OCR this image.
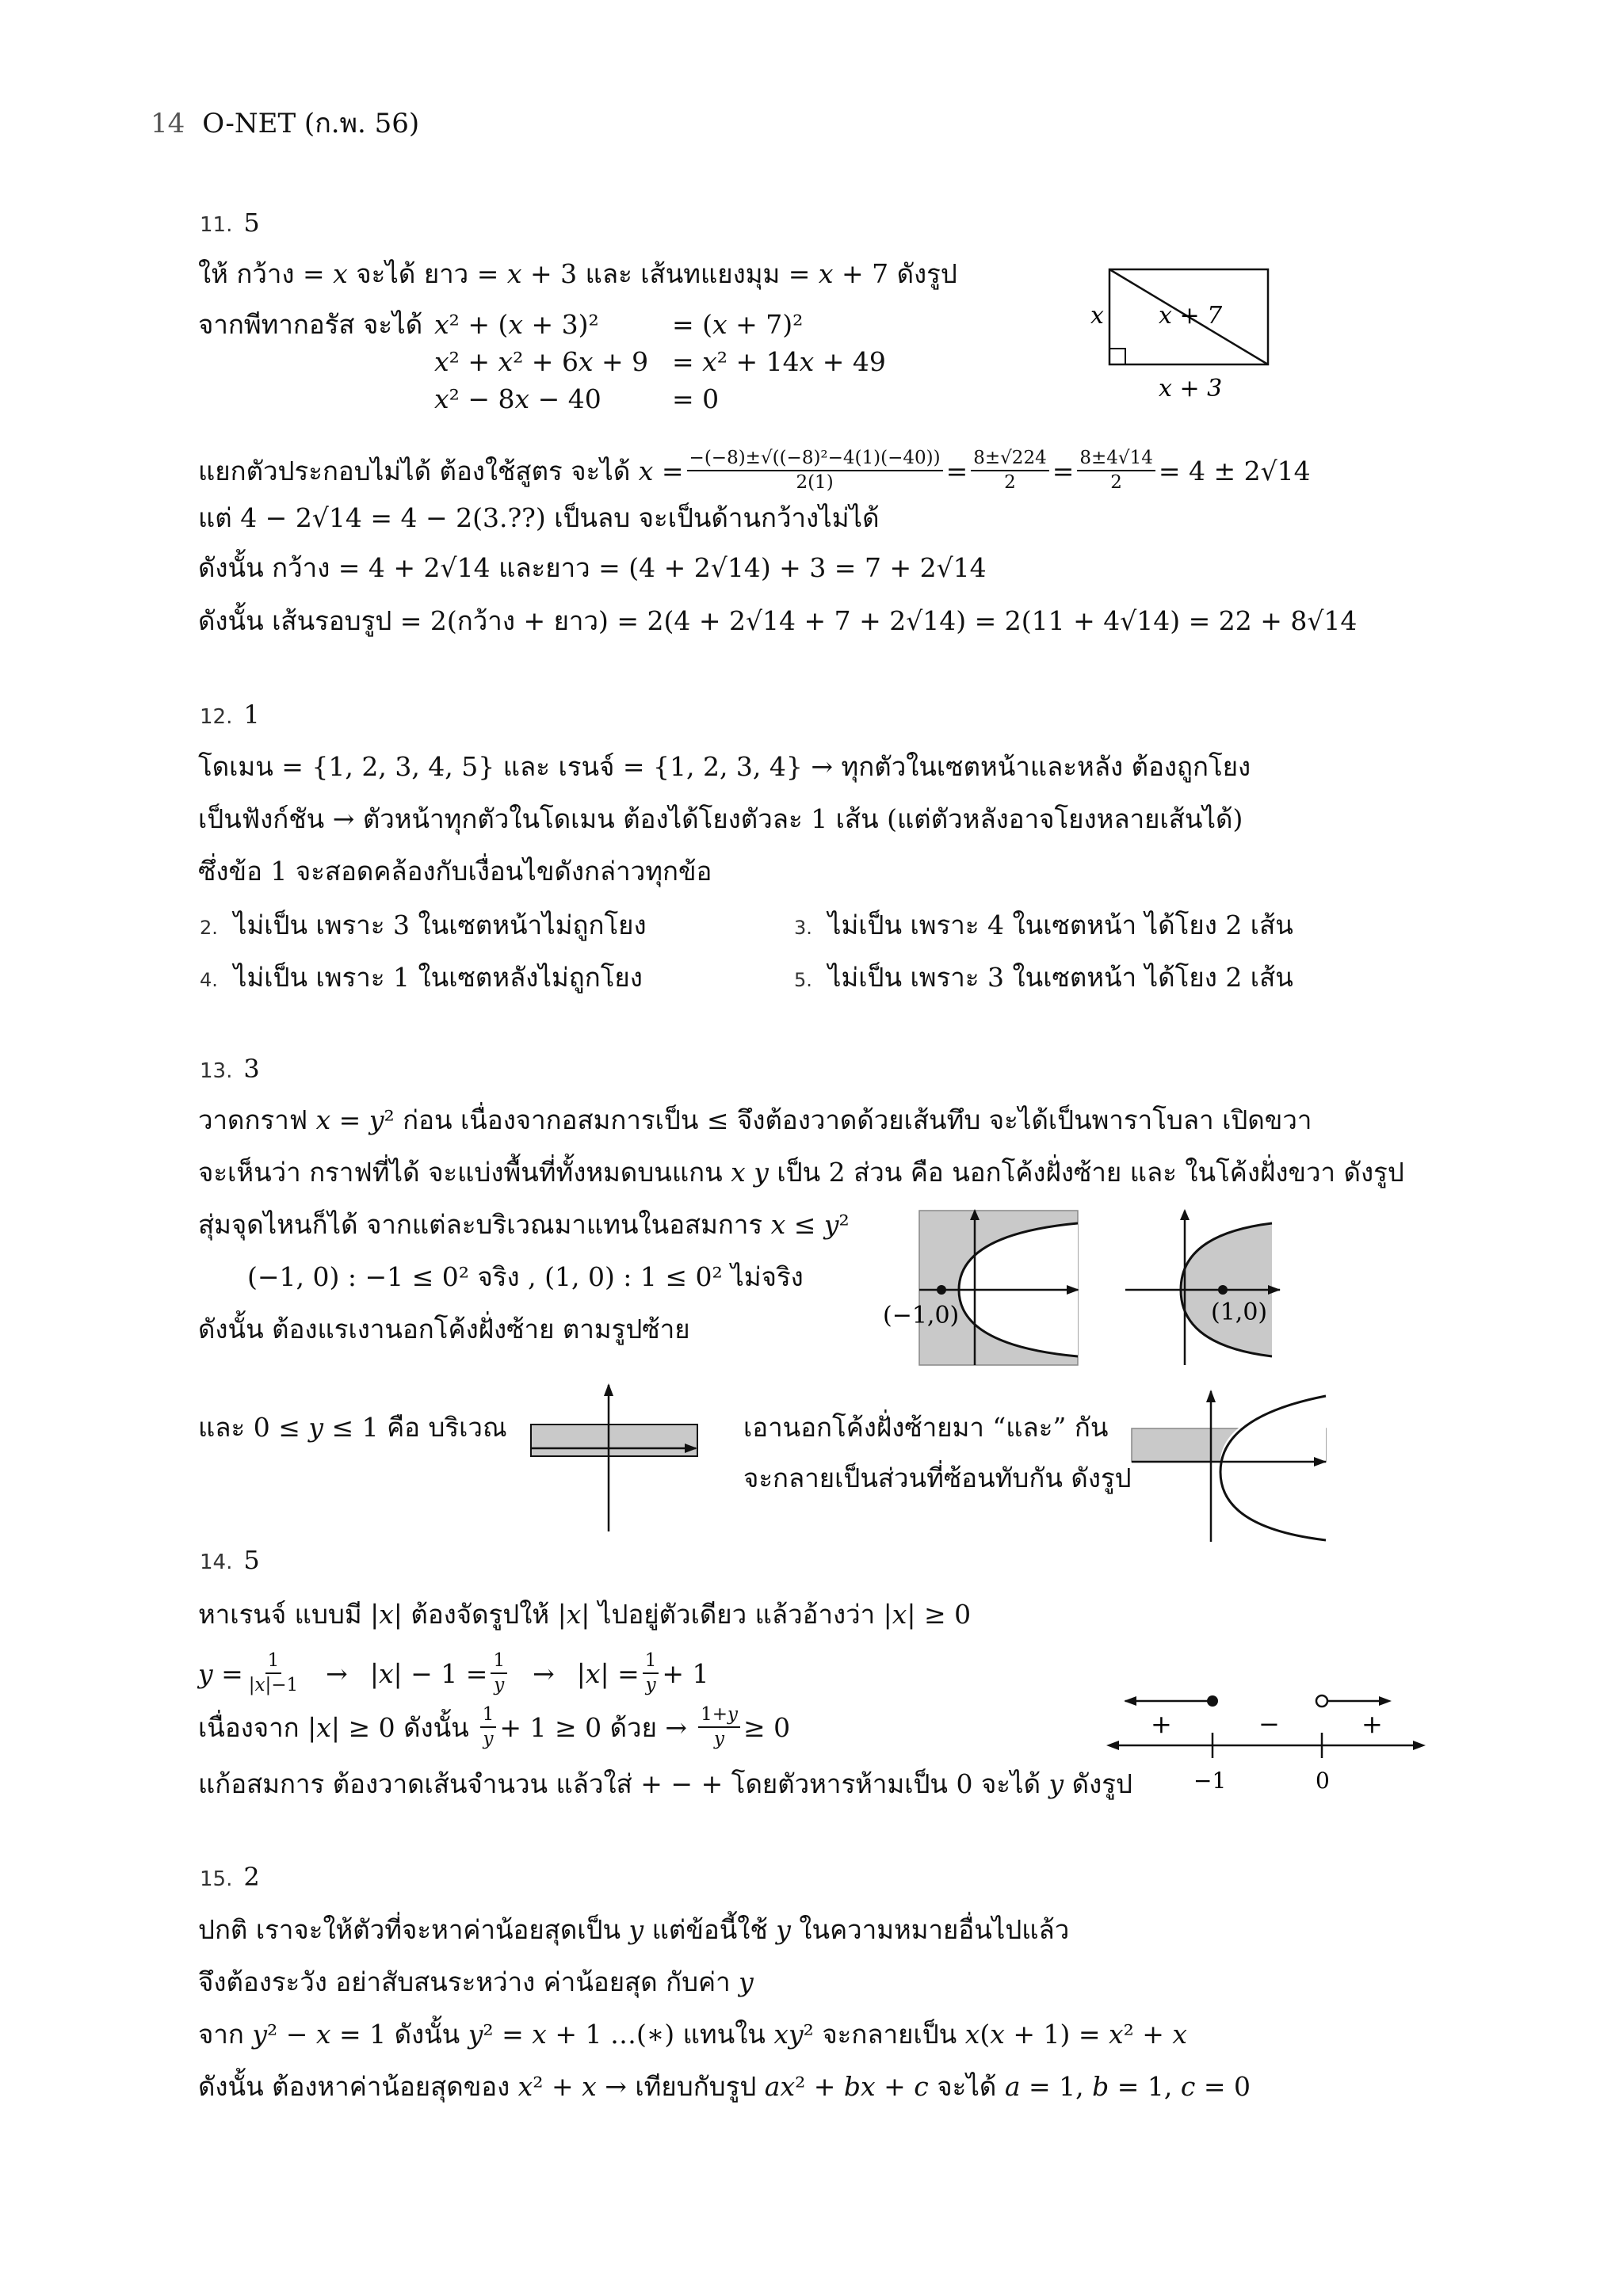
14 O-NET (ก.พ. 56)
11. 5
ให้ กว้าง = 𝑥 จะได้ ยาว = 𝑥 + 3 และ เส้นทแยงมุม = 𝑥 + 7 ดังรูป
จากพีทากอรัส จะได้ 𝑥² + (𝑥 + 3)²	= (𝑥 + 7)²
𝑥² + 𝑥² + 6𝑥 + 9 = 𝑥² + 14𝑥 + 49
𝑥² − 8𝑥 − 40	= 0
𝑥 𝑥 + 7
𝑥 + 3
แยกตัวประกอบไม่ได้ ต้องใช้สูตร จะได้ 𝑥 = $\frac{\text{−(−8)±√((−8)²−4(1)(−40))}}{2(1)} = \frac{8\pm√224}{2} = \frac{8\pm 4√14}{2} = 4 \pm 2√14$
แต่ 4 − 2√14 = 4 − 2(3.??) เป็นลบ จะเป็นด้านกว้างไม่ได้
ดังนั้น กว้าง = 4 + 2√14 และยาว = (4 + 2√14) + 3 = 7 + 2√14
ดังนั้น เส้นรอบรูป = 2(กว้าง + ยาว) = 2(4 + 2√14 + 7 + 2√14) = 2(11 + 4√14) = 22 + 8√14
12. 1
โดเมน = {1, 2, 3, 4, 5} และ เรนจ์ = {1, 2, 3, 4} → ทุกตัวในเซตหน้าและหลัง ต้องถูกโยง
เป็นฟังก์ชัน → ตัวหน้าทุกตัวในโดเมน ต้องได้โยงตัวละ 1 เส้น (แต่ตัวหลังอาจโยงหลายเส้นได้)
ซึ่งข้อ 1 จะสอดคล้องกับเงื่อนไขดังกล่าวทุกข้อ
2. ไม่เป็น เพราะ 3 ในเซตหน้าไม่ถูกโยง	3. ไม่เป็น เพราะ 4 ในเซตหน้า ได้โยง 2 เส้น
4. ไม่เป็น เพราะ 1 ในเซตหลังไม่ถูกโยง	5. ไม่เป็น เพราะ 3 ในเซตหน้า ได้โยง 2 เส้น
13. 3
วาดกราฟ 𝑥 = 𝑦² ก่อน เนื่องจากอสมการเป็น ≤ จึงต้องวาดด้วยเส้นทึบ จะได้เป็นพาราโบลา เปิดขวา
จะเห็นว่า กราฟที่ได้ จะแบ่งพื้นที่ทั้งหมดบนแกน 𝑥 𝑦 เป็น 2 ส่วน คือ นอกโค้งฝั่งซ้าย และ ในโค้งฝั่งขวา ดังรูป
สุ่มจุดไหนก็ได้ จากแต่ละบริเวณมาแทนในอสมการ 𝑥 ≤ 𝑦²
(−1, 0) : −1 ≤ 0² จริง , (1, 0) : 1 ≤ 0² ไม่จริง
ดังนั้น ต้องแรเงานอกโค้งฝั่งซ้าย ตามรูปซ้าย	(−1,0)	(1,0)
และ 0 ≤ 𝑦 ≤ 1 คือ บริเวณ	เอานอกโค้งฝั่งซ้ายมา “และ” กัน
จะกลายเป็นส่วนที่ซ้อนทับกัน ดังรูป
14. 5
หาเรนจ์ แบบมี |𝑥| ต้องจัดรูปให้ |𝑥| ไปอยู่ตัวเดียว แล้วอ้างว่า |𝑥| ≥ 0
𝑦 = $\frac{1}{\text{|𝑥|−1}}$ → |𝑥| − $1 = \frac{1}{\text{𝑦}}$ → |𝑥| = $\frac{1}{\text{𝑦}} + 1$
เนื่องจาก |𝑥| ≥ 0 ดังนั้น $\frac{1}{\text{𝑦}} + 1 \ge 0$ ด้วย → $\frac{\text{1+𝑦}}{\text{𝑦}} \ge 0$
แก้อสมการ ต้องวาดเส้นจำนวน แล้วใส่ + − + โดยตัวหารห้ามเป็น 0 จะได้ 𝑦 ดังรูป
+	−	+
−1	0
15. 2
ปกติ เราจะให้ตัวที่จะหาค่าน้อยสุดเป็น 𝑦 แต่ข้อนี้ใช้ 𝑦 ในความหมายอื่นไปแล้ว
จึงต้องระวัง อย่าสับสนระหว่าง ค่าน้อยสุด กับค่า 𝑦
จาก 𝑦² − 𝑥 = 1 ดังนั้น 𝑦² = 𝑥 + 1 …(∗) แทนใน 𝑥𝑦² จะกลายเป็น 𝑥(𝑥 + 1) = 𝑥² + 𝑥
ดังนั้น ต้องหาค่าน้อยสุดของ 𝑥² + 𝑥 → เทียบกับรูป 𝑎𝑥² + 𝑏𝑥 + 𝑐 จะได้ 𝑎 = 1, 𝑏 = 1, 𝑐 = 0
